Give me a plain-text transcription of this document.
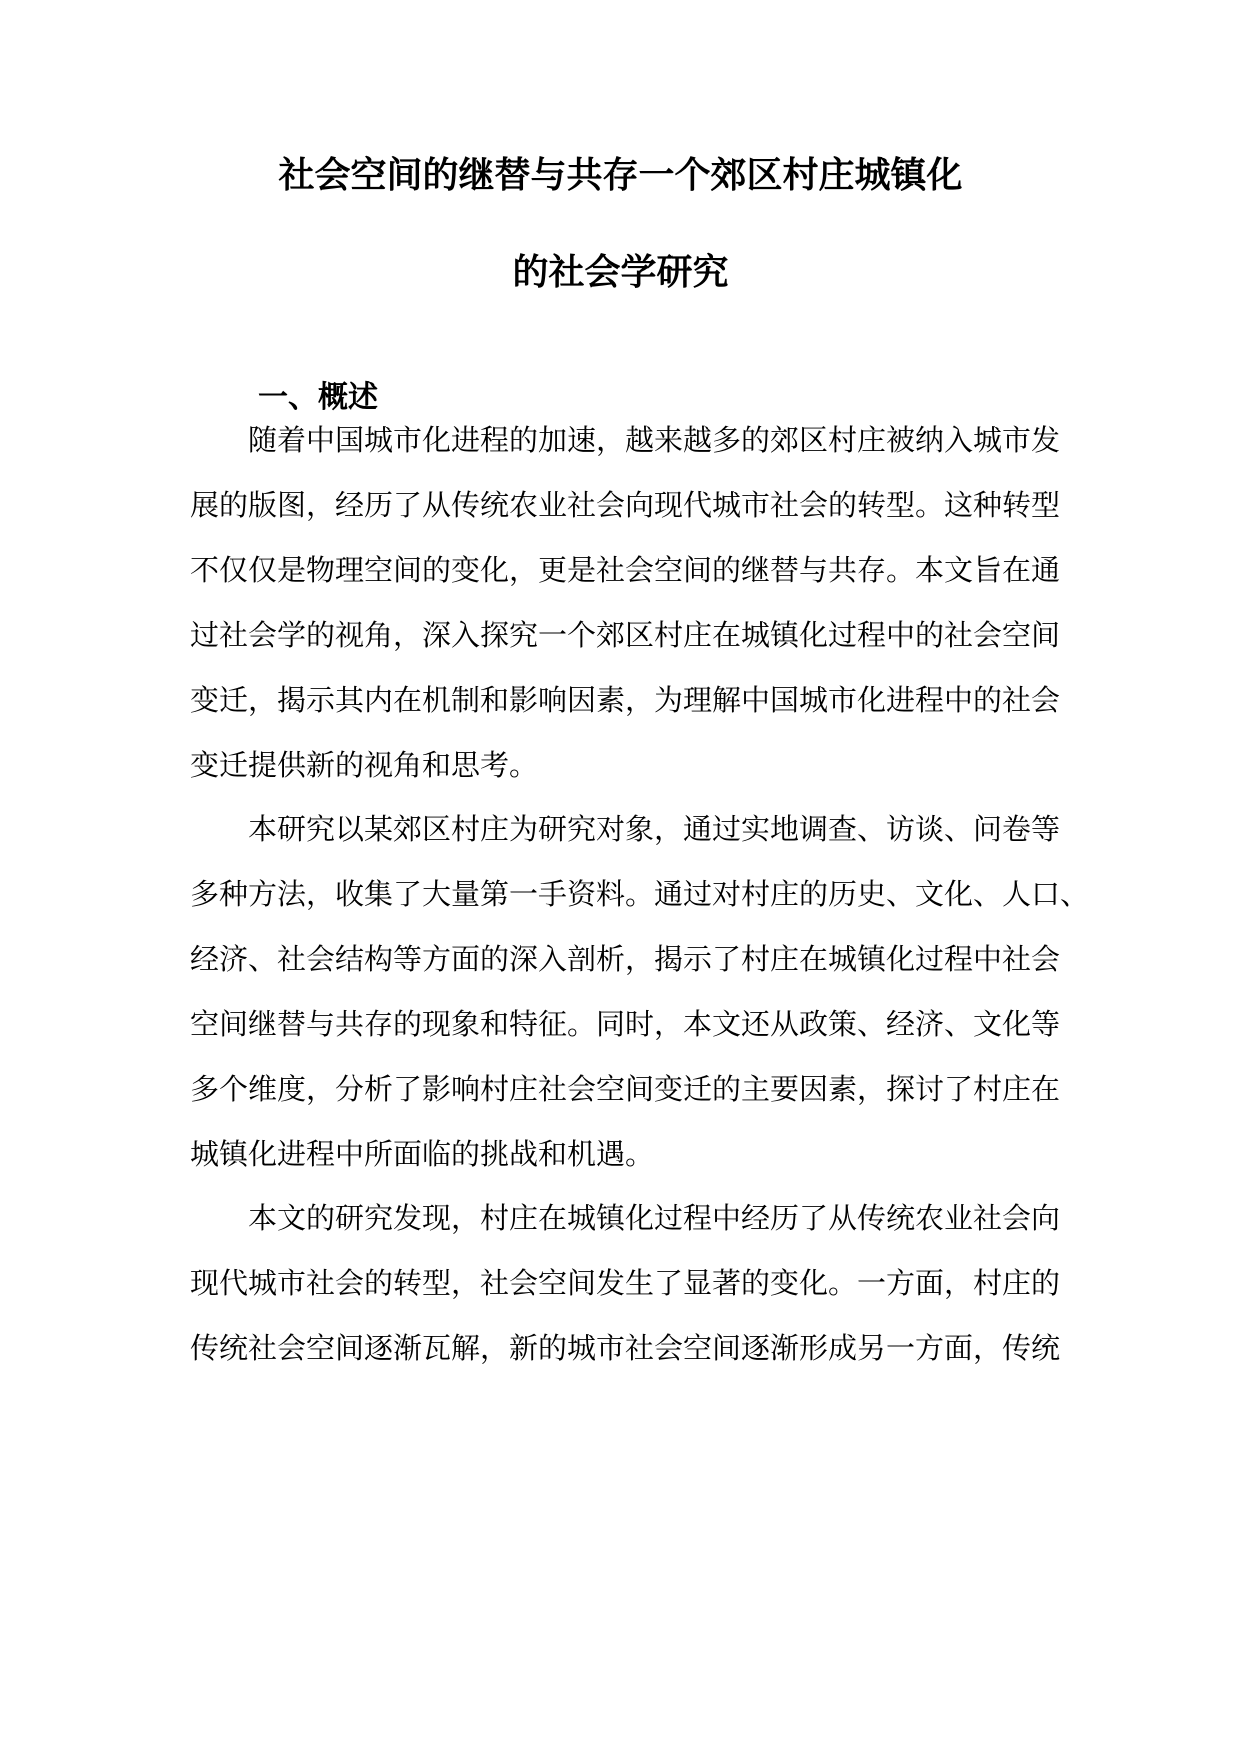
社会空间的继替与共存一个郊区村庄城镇化
的社会学研究
一、概述
随着中国城市化进程的加速，越来越多的郊区村庄被纳入城市发
展的版图，经历了从传统农业社会向现代城市社会的转型。这种转型
不仅仅是物理空间的变化，更是社会空间的继替与共存。本文旨在通
过社会学的视角，深入探究一个郊区村庄在城镇化过程中的社会空间
变迁，揭示其内在机制和影响因素，为理解中国城市化进程中的社会
变迁提供新的视角和思考。
本研究以某郊区村庄为研究对象，通过实地调查、访谈、问卷等
多种方法，收集了大量第一手资料。通过对村庄的历史、文化、人口、
经济、社会结构等方面的深入剖析，揭示了村庄在城镇化过程中社会
空间继替与共存的现象和特征。同时，本文还从政策、经济、文化等
多个维度，分析了影响村庄社会空间变迁的主要因素，探讨了村庄在
城镇化进程中所面临的挑战和机遇。
本文的研究发现，村庄在城镇化过程中经历了从传统农业社会向
现代城市社会的转型，社会空间发生了显著的变化。一方面，村庄的
传统社会空间逐渐瓦解，新的城市社会空间逐渐形成另一方面，传统
